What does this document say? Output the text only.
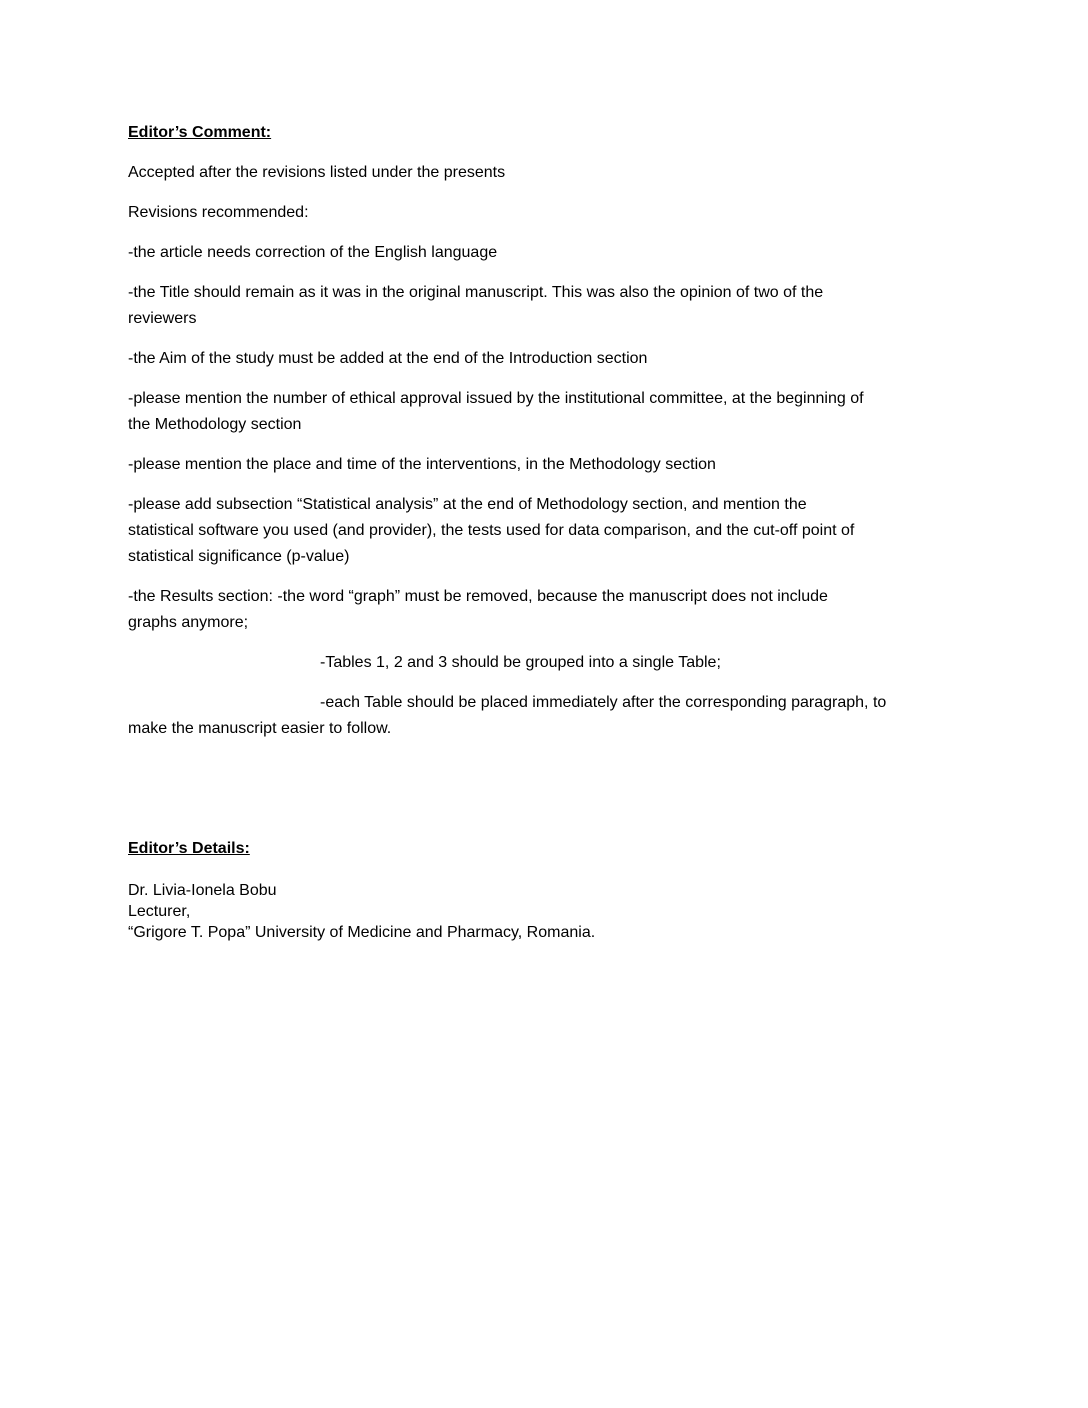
Editor’s Comment:

Accepted after the revisions listed under the presents

Revisions recommended:

-the article needs correction of the English language

-the Title should remain as it was in the original manuscript. This was also the opinion of two of the
reviewers

-the Aim of the study must be added at the end of the Introduction section

-please mention the number of ethical approval issued by the institutional committee, at the beginning of
the Methodology section

-please mention the place and time of the interventions, in the Methodology section

-please add subsection “Statistical analysis” at the end of Methodology section, and mention the
statistical software you used (and provider), the tests used for data comparison, and the cut-off point of
statistical significance (p-value)

-the Results section: -the word “graph” must be removed, because the manuscript does not include
graphs anymore;

-Tables 1, 2 and 3 should be grouped into a single Table;

-each Table should be placed immediately after the corresponding paragraph, to
make the manuscript easier to follow.

Editor’s Details:
Dr. Livia-Ionela Bobu
Lecturer,
“Grigore T. Popa” University of Medicine and Pharmacy, Romania.
